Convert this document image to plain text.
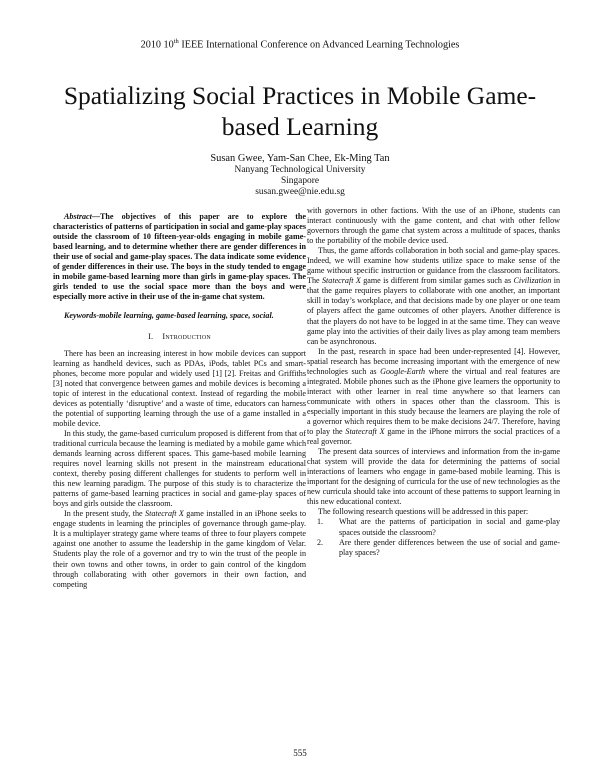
2010 10th IEEE International Conference on Advanced Learning Technologies
Spatializing Social Practices in Mobile Game-based Learning
Susan Gwee, Yam-San Chee, Ek-Ming Tan
Nanyang Technological University
Singapore
susan.gwee@nie.edu.sg

Abstract—The objectives of this paper are to explore the characteristics of patterns of participation in social and game-play spaces outside the classroom of 10 fifteen-year-olds engaging in mobile game-based learning, and to determine whether there are gender differences in their use of social and game-play spaces. The data indicate some evidence of gender differences in their use. The boys in the study tended to engage in mobile game-based learning more than girls in game-play spaces. The girls tended to use the social space more than the boys and were especially more active in their use of the in-game chat system.

Keywords-mobile learning, game-based learning, space, social.

I. Introduction

There has been an increasing interest in how mobile devices can support learning as handheld devices, such as PDAs, iPods, tablet PCs and smart-phones, become more popular and widely used [1] [2]. Freitas and Griffiths [3] noted that convergence between games and mobile devices is becoming a topic of interest in the educational context. Instead of regarding the mobile devices as potentially ‘disruptive’ and a waste of time, educators can harness the potential of supporting learning through the use of a game installed in a mobile device.

In this study, the game-based curriculum proposed is different from that of traditional curricula because the learning is mediated by a mobile game which demands learning across different spaces. This game-based mobile learning requires novel learning skills not present in the mainstream educational context, thereby posing different challenges for students to perform well in this new learning paradigm. The purpose of this study is to characterize the patterns of game-based learning practices in social and game-play spaces of boys and girls outside the classroom.

In the present study, the Statecraft X game installed in an iPhone seeks to engage students in learning the principles of governance through game-play. It is a multiplayer strategy game where teams of three to four players compete against one another to assume the leadership in the game kingdom of Velar. Students play the role of a governor and try to win the trust of the people in their own towns and other towns, in order to gain control of the kingdom through collaborating with other governors in their own faction, and competing

with governors in other factions. With the use of an iPhone, students can interact continuously with the game content, and chat with other fellow governors through the game chat system across a multitude of spaces, thanks to the portability of the mobile device used.

Thus, the game affords collaboration in both social and game-play spaces. Indeed, we will examine how students utilize space to make sense of the game without specific instruction or guidance from the classroom facilitators. The Statecraft X game is different from similar games such as Civilization in that the game requires players to collaborate with one another, an important skill in today’s workplace, and that decisions made by one player or one team of players affect the game outcomes of other players. Another difference is that the players do not have to be logged in at the same time. They can weave game play into the activities of their daily lives as play among team members can be asynchronous.

In the past, research in space had been under-represented [4]. However, spatial research has become increasing important with the emergence of new technologies such as Google-Earth where the virtual and real features are integrated. Mobile phones such as the iPhone give learners the opportunity to interact with other learner in real time anywhere so that learners can communicate with others in spaces other than the classroom. This is especially important in this study because the learners are playing the role of a governor which requires them to be make decisions 24/7. Therefore, having to play the Statecraft X game in the iPhone mirrors the social practices of a real governor.

The present data sources of interviews and information from the in-game chat system will provide the data for determining the patterns of social interactions of learners who engage in game-based mobile learning. This is important for the designing of curricula for the use of new technologies as the new curricula should take into account of these patterns to support learning in this new educational context.

The following research questions will be addressed in this paper:

1.	What are the patterns of participation in social and game-play spaces outside the classroom?
2.	Are there gender differences between the use of social and game-play spaces?
555
